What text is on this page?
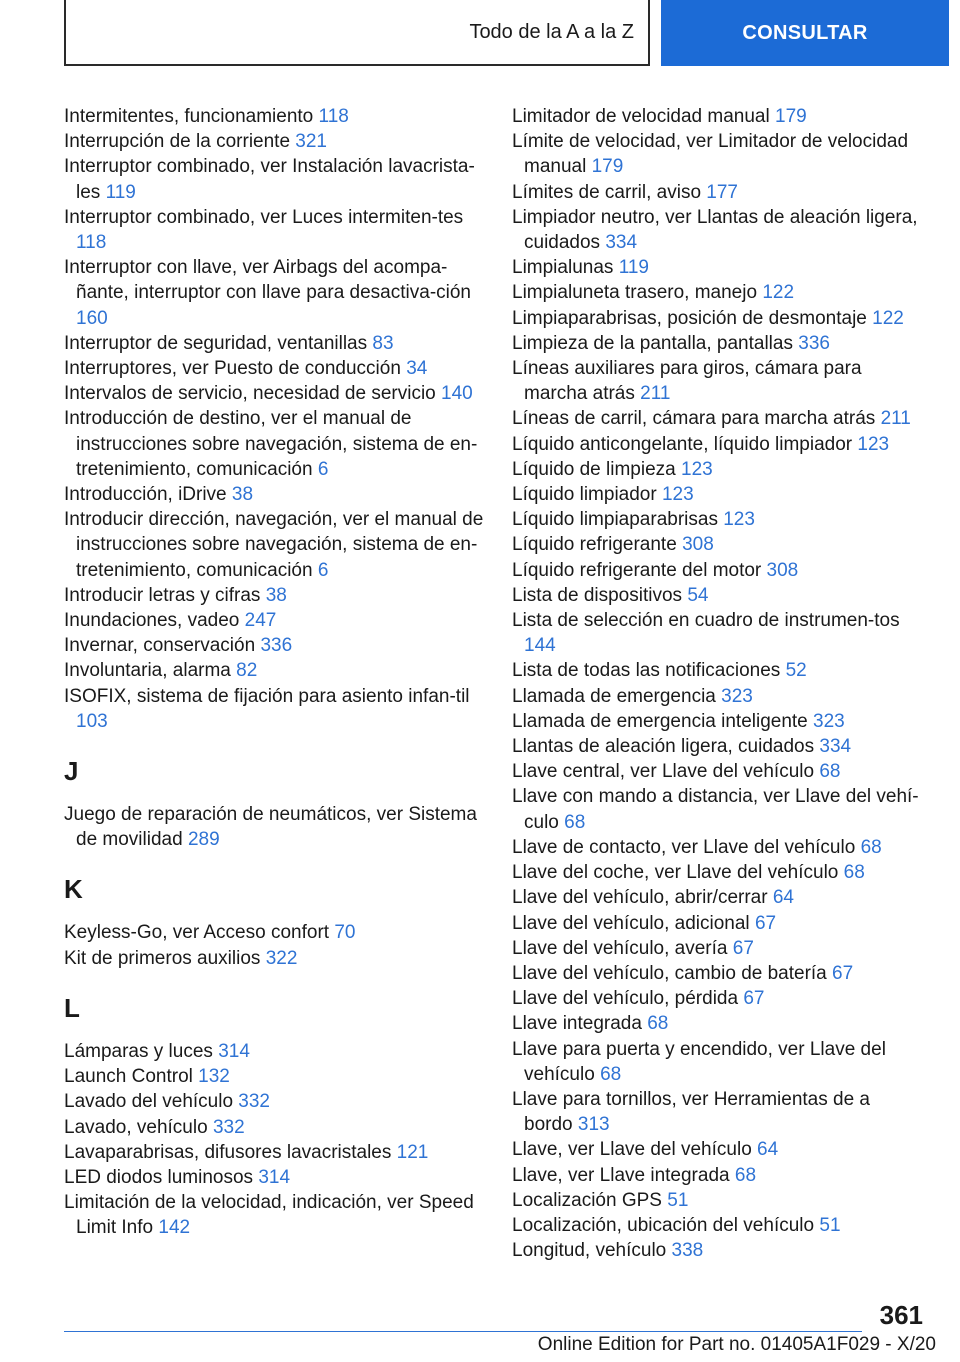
Todo de la A a la Z	CONSULTAR
Intermitentes, funcionamiento 118
Interrupción de la corriente 321
Interruptor combinado, ver Instalación lavacrista-les 119
Interruptor combinado, ver Luces intermiten-tes 118
Interruptor con llave, ver Airbags del acompa-ñante, interruptor con llave para desactiva-ción 160
Interruptor de seguridad, ventanillas 83
Interruptores, ver Puesto de conducción 34
Intervalos de servicio, necesidad de servicio 140
Introducción de destino, ver el manual de instrucciones sobre navegación, sistema de en-tretenimiento, comunicación 6
Introducción, iDrive 38
Introducir dirección, navegación, ver el manual de instrucciones sobre navegación, sistema de en-tretenimiento, comunicación 6
Introducir letras y cifras 38
Inundaciones, vadeo 247
Invernar, conservación 336
Involuntaria, alarma 82
ISOFIX, sistema de fijación para asiento infan-til 103
J
Juego de reparación de neumáticos, ver Sistema de movilidad 289
K
Keyless-Go, ver Acceso confort 70
Kit de primeros auxilios 322
L
Lámparas y luces 314
Launch Control 132
Lavado del vehículo 332
Lavado, vehículo 332
Lavaparabrisas, difusores lavacristales 121
LED diodos luminosos 314
Limitación de la velocidad, indicación, ver Speed Limit Info 142
Limitador de velocidad manual 179
Límite de velocidad, ver Limitador de velocidad manual 179
Límites de carril, aviso 177
Limpiador neutro, ver Llantas de aleación ligera, cuidados 334
Limpialunas 119
Limpialuneta trasero, manejo 122
Limpiaparabrisas, posición de desmontaje 122
Limpieza de la pantalla, pantallas 336
Líneas auxiliares para giros, cámara para marcha atrás 211
Líneas de carril, cámara para marcha atrás 211
Líquido anticongelante, líquido limpiador 123
Líquido de limpieza 123
Líquido limpiador 123
Líquido limpiaparabrisas 123
Líquido refrigerante 308
Líquido refrigerante del motor 308
Lista de dispositivos 54
Lista de selección en cuadro de instrumen-tos 144
Lista de todas las notificaciones 52
Llamada de emergencia 323
Llamada de emergencia inteligente 323
Llantas de aleación ligera, cuidados 334
Llave central, ver Llave del vehículo 68
Llave con mando a distancia, ver Llave del vehí-culo 68
Llave de contacto, ver Llave del vehículo 68
Llave del coche, ver Llave del vehículo 68
Llave del vehículo, abrir/cerrar 64
Llave del vehículo, adicional 67
Llave del vehículo, avería 67
Llave del vehículo, cambio de batería 67
Llave del vehículo, pérdida 67
Llave integrada 68
Llave para puerta y encendido, ver Llave del vehículo 68
Llave para tornillos, ver Herramientas de a bordo 313
Llave, ver Llave del vehículo 64
Llave, ver Llave integrada 68
Localización GPS 51
Localización, ubicación del vehículo 51
Longitud, vehículo 338
361
Online Edition for Part no. 01405A1F029 - X/20
